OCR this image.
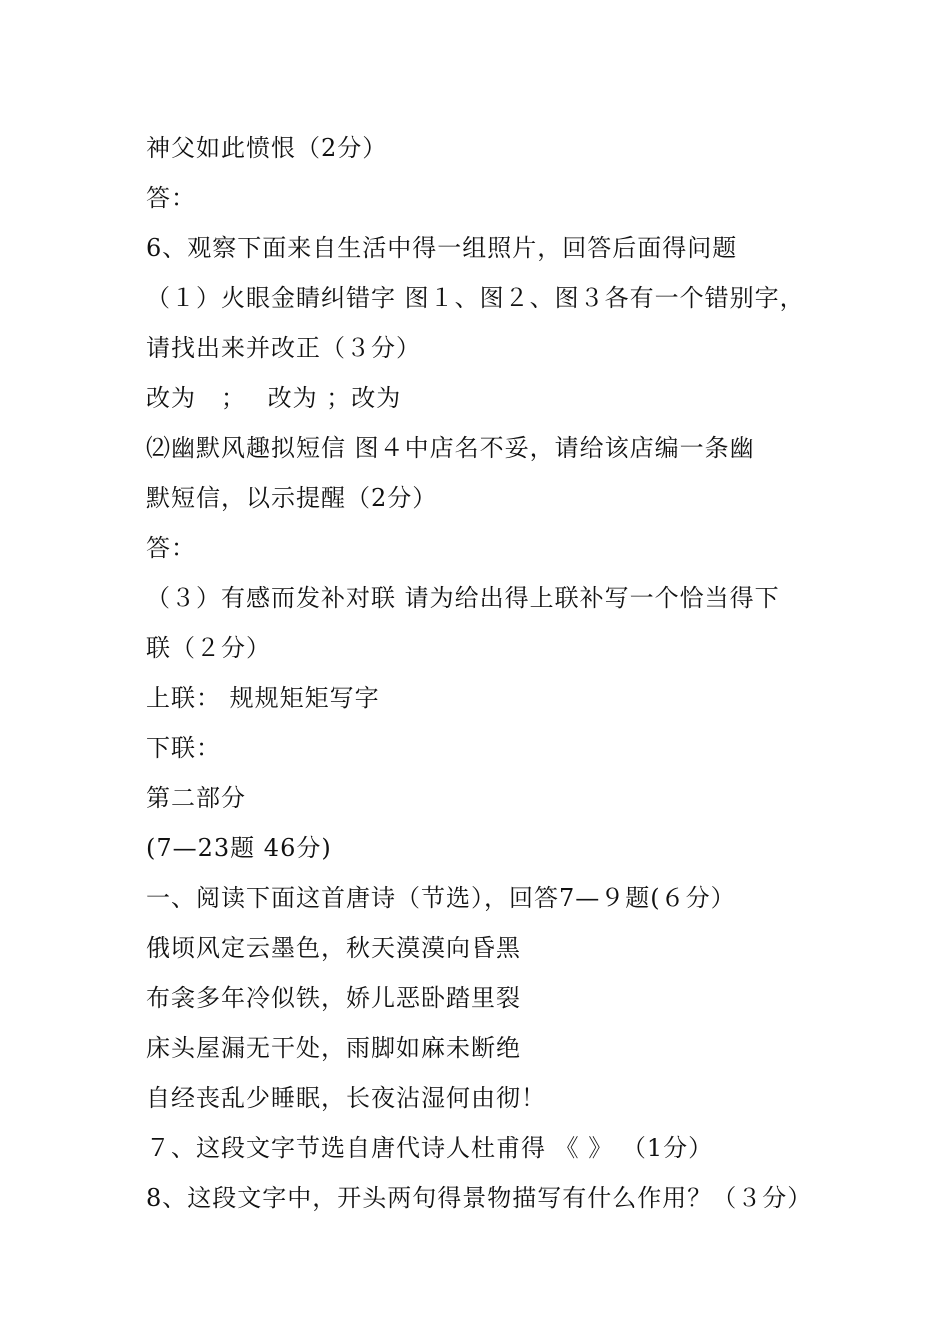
神父如此愤恨（2分）
答：
6、观察下面来自生活中得一组照片，回答后面得问题
（１）火眼金睛纠错字 图１、图２、图３各有一个错别字，
请找出来并改正（３分）
改为　；　 改为 ；改为
⑵幽默风趣拟短信 图４中店名不妥，请给该店编一条幽
默短信，以示提醒（2分）
答：
（３）有感而发补对联 请为给出得上联补写一个恰当得下
联（２分）
上联： 规规矩矩写字
下联：
第二部分
(7—23题 46分)
一、阅读下面这首唐诗（节选），回答7—９题(６分）
俄顷风定云墨色，秋天漠漠向昏黑
布衾多年冷似铁，娇儿恶卧踏里裂
床头屋漏无干处，雨脚如麻未断绝
自经丧乱少睡眠，长夜沾湿何由彻！
７、这段文字节选自唐代诗人杜甫得 《 》 （1分）
8、这段文字中，开头两句得景物描写有什么作用？（３分）
